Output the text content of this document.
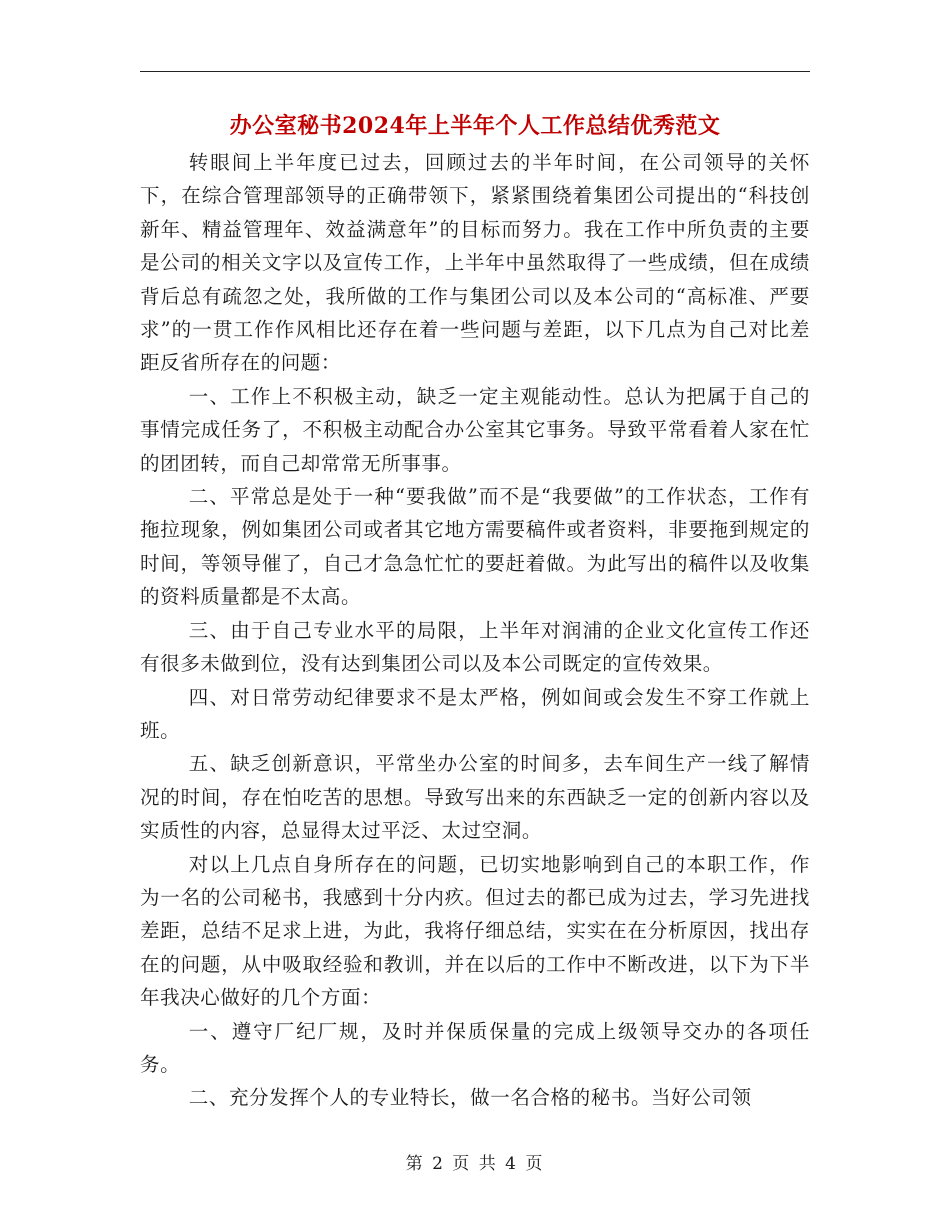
办公室秘书2024年上半年个人工作总结优秀范文

转眼间上半年度已过去，回顾过去的半年时间，在公司领导的关怀下，在综合管理部领导的正确带领下，紧紧围绕着集团公司提出的“科技创新年、精益管理年、效益满意年”的目标而努力。我在工作中所负责的主要是公司的相关文字以及宣传工作，上半年中虽然取得了一些成绩，但在成绩背后总有疏忽之处，我所做的工作与集团公司以及本公司的“高标准、严要求”的一贯工作作风相比还存在着一些问题与差距，以下几点为自己对比差距反省所存在的问题：

一、工作上不积极主动，缺乏一定主观能动性。总认为把属于自己的事情完成任务了，不积极主动配合办公室其它事务。导致平常看着人家在忙的团团转，而自己却常常无所事事。

二、平常总是处于一种“要我做”而不是“我要做”的工作状态，工作有拖拉现象，例如集团公司或者其它地方需要稿件或者资料，非要拖到规定的时间，等领导催了，自己才急急忙忙的要赶着做。为此写出的稿件以及收集的资料质量都是不太高。

三、由于自己专业水平的局限，上半年对润浦的企业文化宣传工作还有很多未做到位，没有达到集团公司以及本公司既定的宣传效果。

四、对日常劳动纪律要求不是太严格，例如间或会发生不穿工作就上班。

五、缺乏创新意识，平常坐办公室的时间多，去车间生产一线了解情况的时间，存在怕吃苦的思想。导致写出来的东西缺乏一定的创新内容以及实质性的内容，总显得太过平泛、太过空洞。

对以上几点自身所存在的问题，已切实地影响到自己的本职工作，作为一名的公司秘书，我感到十分内疚。但过去的都已成为过去，学习先进找差距，总结不足求上进，为此，我将仔细总结，实实在在分析原因，找出存在的问题，从中吸取经验和教训，并在以后的工作中不断改进，以下为下半年我决心做好的几个方面：

一、遵守厂纪厂规，及时并保质保量的完成上级领导交办的各项任务。

二、充分发挥个人的专业特长，做一名合格的秘书。当好公司领

第 2 页 共 4 页
